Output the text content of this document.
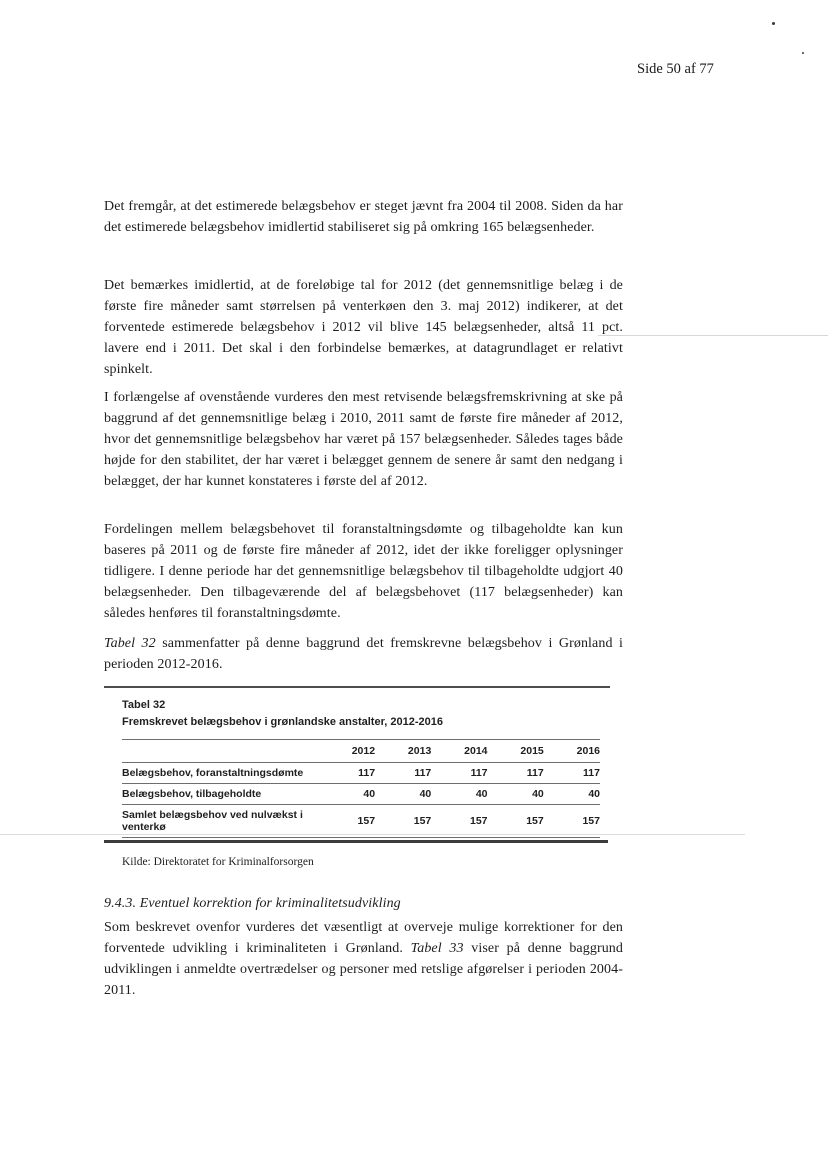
Side 50 af 77

Det fremgår, at det estimerede belægsbehov er steget jævnt fra 2004 til 2008. Siden da har det estimerede belægsbehov imidlertid stabiliseret sig på omkring 165 belægsenheder.

Det bemærkes imidlertid, at de foreløbige tal for 2012 (det gennemsnitlige belæg i de første fire måneder samt størrelsen på venterkøen den 3. maj 2012) indikerer, at det forventede estimerede belægsbehov i 2012 vil blive 145 belægsenheder, altså 11 pct. lavere end i 2011. Det skal i den forbindelse bemærkes, at datagrundlaget er relativt spinkelt.

I forlængelse af ovenstående vurderes den mest retvisende belægsfremskrivning at ske på baggrund af det gennemsnitlige belæg i 2010, 2011 samt de første fire måneder af 2012, hvor det gennemsnitlige belægsbehov har været på 157 belægsenheder. Således tages både højde for den stabilitet, der har været i belægget gennem de senere år samt den nedgang i belægget, der har kunnet konstateres i første del af 2012.

Fordelingen mellem belægsbehovet til foranstaltningsdømte og tilbageholdte kan kun baseres på 2011 og de første fire måneder af 2012, idet der ikke foreligger oplysninger tidligere. I denne periode har det gennemsnitlige belægsbehov til tilbageholdte udgjort 40 belægsenheder. Den tilbageværende del af belægsbehovet (117 belægsenheder) kan således henføres til foranstaltningsdømte.

Tabel 32 sammenfatter på denne baggrund det fremskrevne belægsbehov i Grønland i perioden 2012-2016.

Tabel 32
Fremskrevet belægsbehov i grønlandske anstalter, 2012-2016
	2012	2013	2014	2015	2016
Belægsbehov, foranstaltningsdømte	117	117	117	117	117
Belægsbehov, tilbageholdte	40	40	40	40	40
Samlet belægsbehov ved nulvækst i venterkø	157	157	157	157	157
Kilde: Direktoratet for Kriminalforsorgen
9.4.3. Eventuel korrektion for kriminalitetsudvikling

Som beskrevet ovenfor vurderes det væsentligt at overveje mulige korrektioner for den forventede udvikling i kriminaliteten i Grønland. Tabel 33 viser på denne baggrund udviklingen i anmeldte overtrædelser og personer med retslige afgørelser i perioden 2004-2011.
